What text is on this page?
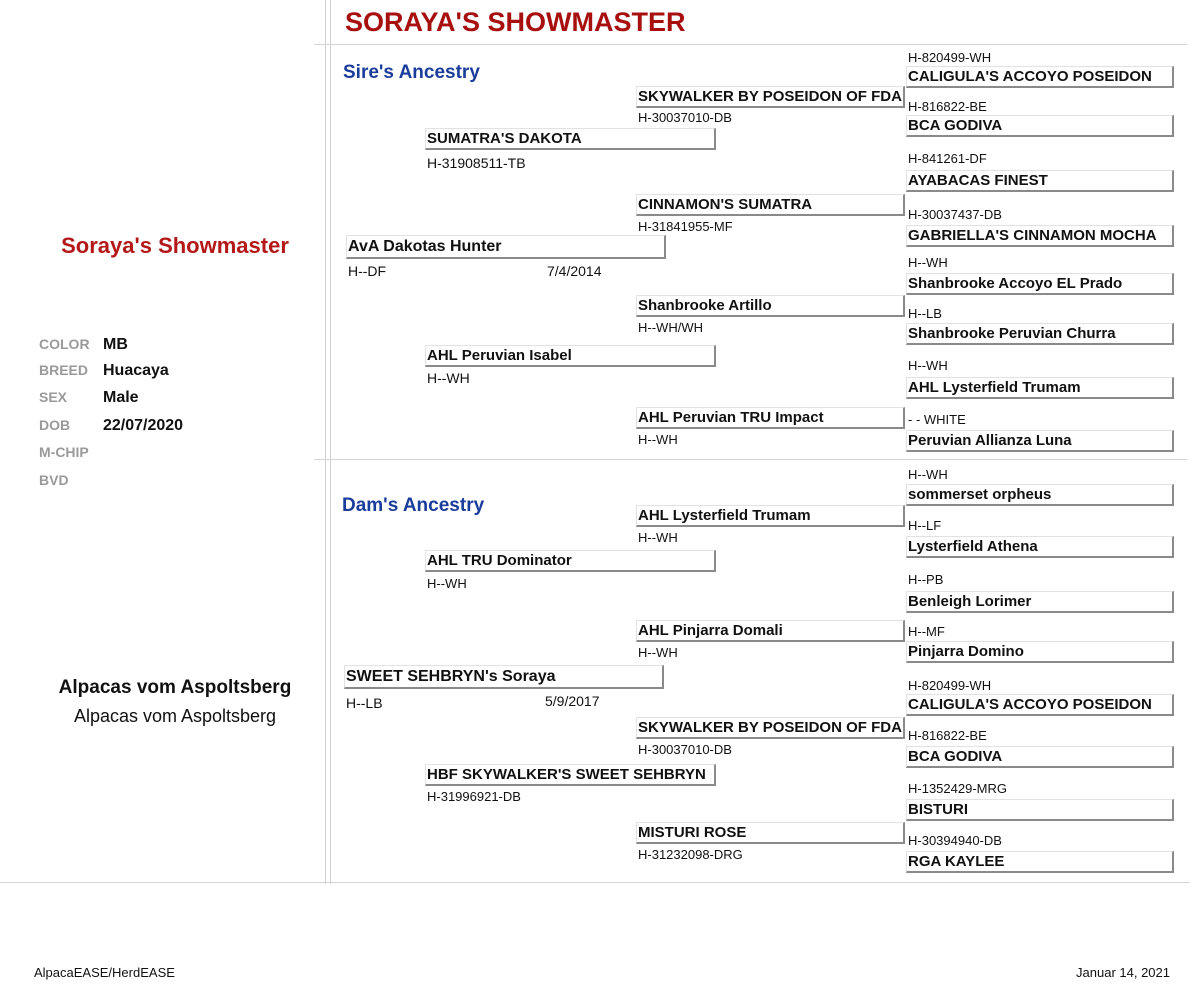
SORAYA'S SHOWMASTER
Soraya's Showmaster
COLOR MB
BREED Huacaya
SEX Male
DOB 22/07/2020
M-CHIP
BVD
Alpacas vom Aspoltsberg
Alpacas vom Aspoltsberg
Sire's Ancestry
AvA Dakotas Hunter
H--DF	7/4/2014
SUMATRA'S DAKOTA
H-31908511-TB
AHL Peruvian Isabel
H--WH
SKYWALKER BY POSEIDON OF FDA
H-30037010-DB
CINNAMON'S SUMATRA
H-31841955-MF
Shanbrooke Artillo
H--WH/WH
AHL Peruvian TRU Impact
H--WH
H-820499-WH
CALIGULA'S ACCOYO POSEIDON
H-816822-BE
BCA GODIVA
H-841261-DF
AYABACAS FINEST
H-30037437-DB
GABRIELLA'S CINNAMON MOCHA
H--WH
Shanbrooke Accoyo EL Prado
H--LB
Shanbrooke Peruvian Churra
H--WH
AHL Lysterfield Trumam
- - WHITE
Peruvian Allianza Luna
Dam's Ancestry
SWEET SEHBRYN's Soraya
H--LB	5/9/2017
AHL TRU Dominator
H--WH
HBF SKYWALKER'S SWEET SEHBRYN
H-31996921-DB
AHL Lysterfield Trumam
H--WH
AHL Pinjarra Domali
H--WH
SKYWALKER BY POSEIDON OF FDA
H-30037010-DB
MISTURI ROSE
H-31232098-DRG
H--WH
sommerset orpheus
H--LF
Lysterfield Athena
H--PB
Benleigh Lorimer
H--MF
Pinjarra Domino
H-820499-WH
CALIGULA'S ACCOYO POSEIDON
H-816822-BE
BCA GODIVA
H-1352429-MRG
BISTURI
H-30394940-DB
RGA KAYLEE
AlpacaEASE/HerdEASE	Januar 14, 2021
